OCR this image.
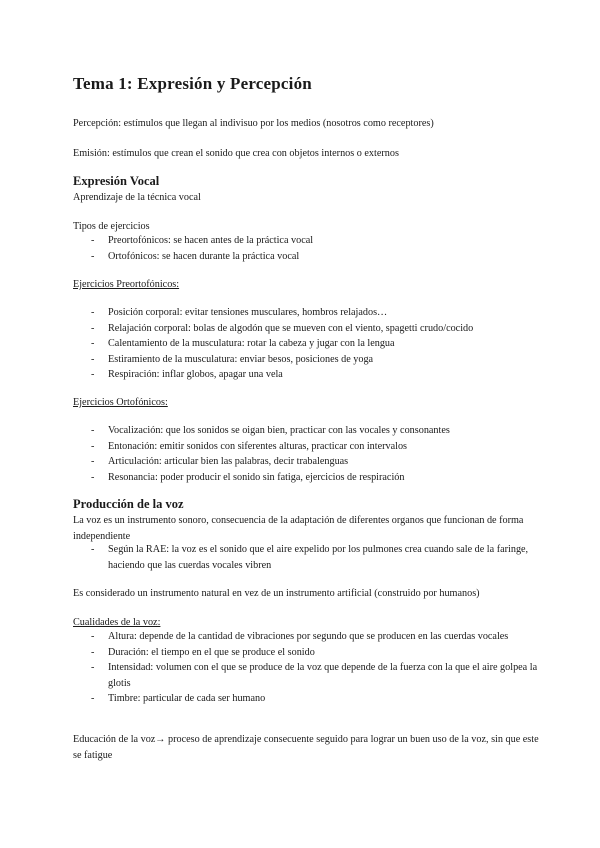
Tema 1: Expresión y Percepción

Percepción: estímulos que llegan al indivisuo por los medios (nosotros como receptores)

Emisión: estímulos que crean el sonido que crea con objetos internos o externos

Expresión Vocal

Aprendizaje de la técnica vocal

Tipos de ejercicios

- Preortofónicos: se hacen antes de la práctica vocal
- Ortofónicos: se hacen durante la práctica vocal

Ejercicios Preortofónicos:

- Posición corporal: evitar tensiones musculares, hombros relajados…
- Relajación corporal: bolas de algodón que se mueven con el viento, spagetti crudo/cocido
- Calentamiento de la musculatura: rotar la cabeza y jugar con la lengua
- Estiramiento de la musculatura: enviar besos, posiciones de yoga
- Respiración: inflar globos, apagar una vela

Ejercicios Ortofónicos:

- Vocalización: que los sonidos se oigan bien, practicar con las vocales y consonantes
- Entonación: emitir sonidos con siferentes alturas, practicar con intervalos
- Articulación: articular bien las palabras, decir trabalenguas
- Resonancia: poder producir el sonido sin fatiga, ejercicios de respiración
Producción de la voz

La voz es un instrumento sonoro, consecuencia de la adaptación de diferentes organos que funcionan de forma independiente

- Según la RAE: la voz es el sonido que el aire expelido por los pulmones crea cuando sale de la faringe, haciendo que las cuerdas vocales vibren

Es considerado un instrumento natural en vez de un instrumento artificial (construido por humanos)

Cualidades de la voz:

- Altura: depende de la cantidad de vibraciones por segundo que se producen en las cuerdas vocales
- Duración: el tiempo en el que se produce el sonido
- Intensidad: volumen con el que se produce de la voz que depende de la fuerza con la que el aire golpea la glotis
- Timbre: particular de cada ser humano

Educación de la voz→ proceso de aprendizaje consecuente seguido para lograr un buen uso de la voz, sin que este se fatigue
